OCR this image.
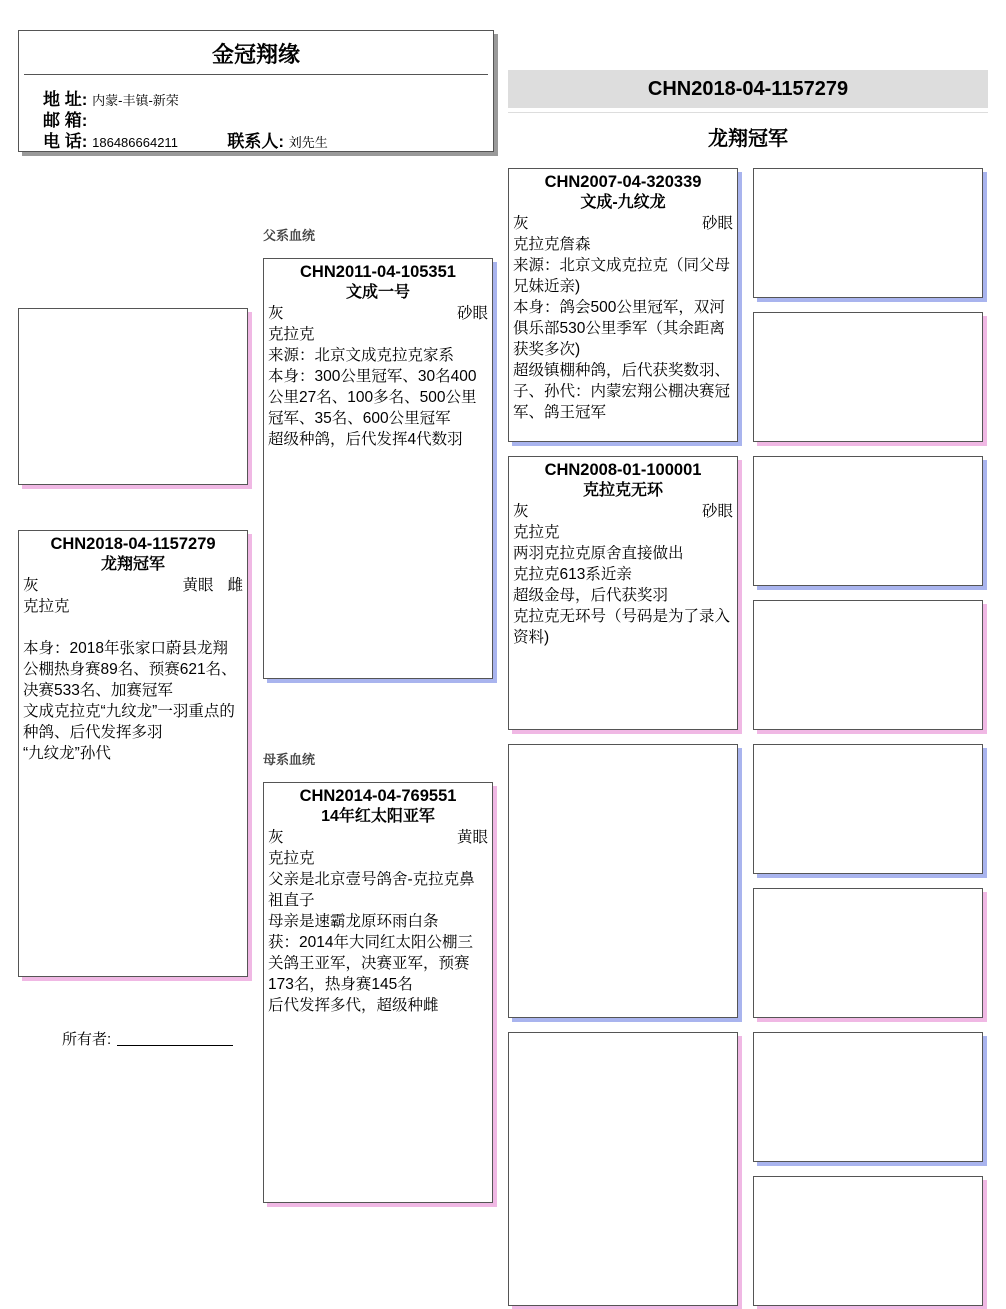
金冠翔缘
地 址: 内蒙-丰镇-新荣
邮 箱:
电 话: 186486664211	联系人: 刘先生
CHN2018-04-1157279
龙翔冠军
CHN2018-04-1157279
龙翔冠军
灰	黄眼 雌

克拉克

本身：2018年张家口蔚县龙翔公棚热身赛89名、预赛621名、决赛533名、加赛冠军

文成克拉克“九纹龙”一羽重点的种鸽、后代发挥多羽

“九纹龙”孙代

所有者:
父系血统
母系血统
CHN2011-04-105351
文成一号
灰	砂眼

克拉克

来源：北京文成克拉克家系

本身：300公里冠军、30名400公里27名、100多名、500公里冠军、35名、600公里冠军

超级种鸽，后代发挥4代数羽

CHN2014-04-769551
14年红太阳亚军
灰	黄眼

克拉克

父亲是北京壹号鸽舍-克拉克鼻祖直子

母亲是速霸龙原环雨白条

获：2014年大同红太阳公棚三关鸽王亚军，决赛亚军，预赛173名，热身赛145名

后代发挥多代，超级种雌

CHN2007-04-320339
文成-九纹龙
灰	砂眼

克拉克詹森

来源：北京文成克拉克（同父母兄妹近亲)

本身：鸽会500公里冠军，双河俱乐部530公里季军（其余距离获奖多次)

超级镇棚种鸽，后代获奖数羽、

子、孙代：内蒙宏翔公棚决赛冠军、鸽王冠军

CHN2008-01-100001
克拉克无环
灰	砂眼

克拉克

两羽克拉克原舍直接做出

克拉克613系近亲

超级金母，后代获奖羽

克拉克无环号（号码是为了录入资料)
